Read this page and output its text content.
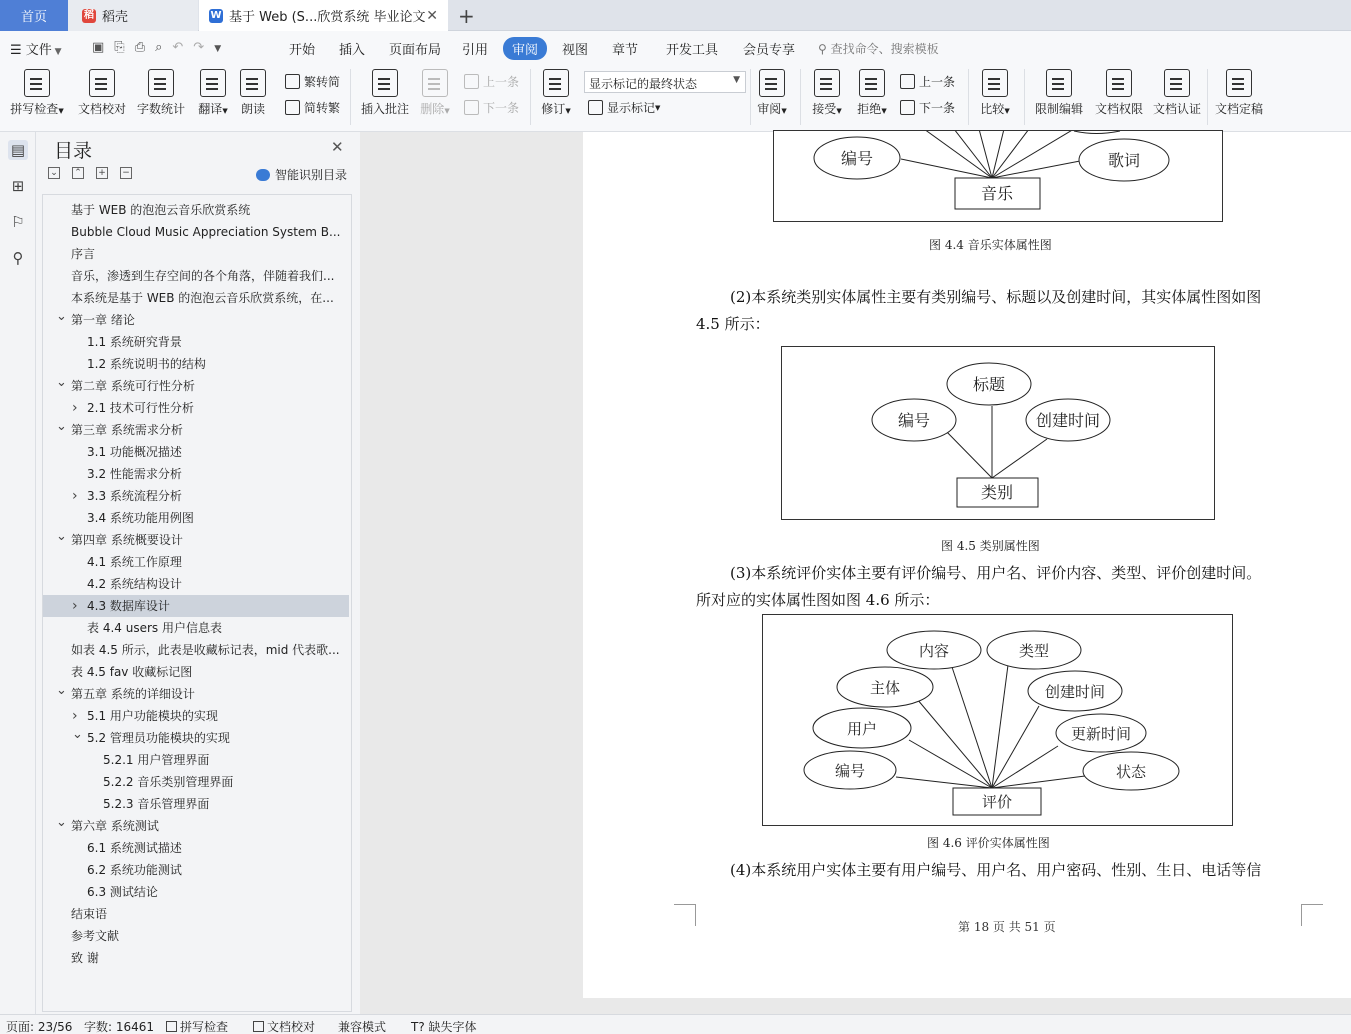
首页	稻 稻壳	W 基于 Web (S...欣赏系统 毕业论文 ✕ +
☰ 文件 ▼ ▣⎘⎙⌕↶↷▼	开始 插入 页面布局 引用	审阅	视图 章节 开发工具 会员专享 ⚲ 查找命令、搜索模板
拼写检查▼	文档校对 字数统计	翻译▼	朗读
繁转简
简转繁 插入批注 删除▼
上一条
下一条	修订▼
显示标记的最终状态	▼
显示标记 ▼	审阅▼	接受▼	拒绝▼
上一条
下一条	比较▼	限制编辑 文档权限 文档认证 文档定稿
▤
⊞
⚐
⚲
目录	✕
⌄ ⌃ + −	智能识别目录
基于 WEB 的泡泡云音乐欣赏系统
Bubble Cloud Music Appreciation System B...
序言
音乐，渗透到生存空间的各个角落，伴随着我们...
本系统是基于 WEB 的泡泡云音乐欣赏系统，在...
⌄ 第一章 绪论
1.1 系统研究背景
1.2 系统说明书的结构
⌄ 第二章 系统可行性分析
› 2.1 技术可行性分析
⌄ 第三章 系统需求分析
3.1 功能概况描述
3.2 性能需求分析
› 3.3 系统流程分析
3.4 系统功能用例图
⌄ 第四章 系统概要设计
4.1 系统工作原理
4.2 系统结构设计
› 4.3 数据库设计
表 4.4 users 用户信息表
如表 4.5 所示，此表是收藏标记表，mid 代表歌...
表 4.5 fav 收藏标记图
⌄ 第五章 系统的详细设计
› 5.1 用户功能模块的实现
⌄ 5.2 管理员功能模块的实现
5.2.1 用户管理界面
5.2.2 音乐类别管理界面
5.2.3 音乐管理界面
⌄ 第六章 系统测试
6.1 系统测试描述
6.2 系统功能测试
6.3 测试结论
结束语
参考文献
致 谢
编号	歌词
音乐
图 4.4 音乐实体属性图
(2)本系统类别实体属性主要有类别编号、标题以及创建时间，其实体属性图如图
4.5 所示：
标题
编号	创建时间
类别
图 4.5 类别属性图
(3)本系统评价实体主要有评价编号、用户名、评价内容、类型、评价创建时间。
所对应的实体属性图如图 4.6 所示：
内容	类型
主体	创建时间
用户	更新时间
编号	状态
评价
图 4.6 评价实体属性图
(4)本系统用户实体主要有用户编号、用户名、用户密码、性别、生日、电话等信
第 18 页 共 51 页
页面: 23/56 字数: 16461	拼写检查	文档校对 兼容模式 T? 缺失字体
